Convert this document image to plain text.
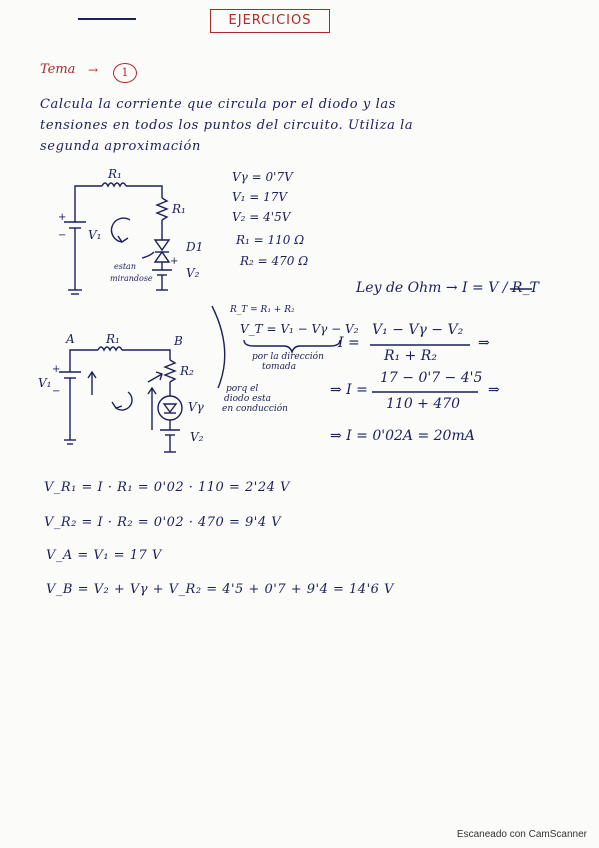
EJERCICIOS
Tema →	1
Calcula la corriente que circula por el diodo y las
tensiones en todos los puntos del circuito. Utiliza la
segunda aproximación
R₁
R₁
V₁
+
−
D1
+
V₂
estan
mirandose
Vγ = 0'7V
V₁ = 17V
V₂ = 4'5V
R₁ = 110 Ω
R₂ = 470 Ω
A	B
R₁
R₂
V₁
+
−
Vγ
V₂
porq el
diodo esta
en conducción
Ley de Ohm → I = V / R_T
R_T = R₁ + R₂
V_T = V₁ − Vγ − V₂
por la dirección
tomada
I =
V₁ − Vγ − V₂
R₁ + R₂
⇒
⇒ I =
17 − 0'7 − 4'5
110 + 470
⇒
⇒ I = 0'02A = 20mA
V_R₁ = I · R₁ = 0'02 · 110 = 2'24 V
V_R₂ = I · R₂ = 0'02 · 470 = 9'4 V
V_A = V₁ = 17 V
V_B = V₂ + Vγ + V_R₂ = 4'5 + 0'7 + 9'4 = 14'6 V
Escaneado con CamScanner
